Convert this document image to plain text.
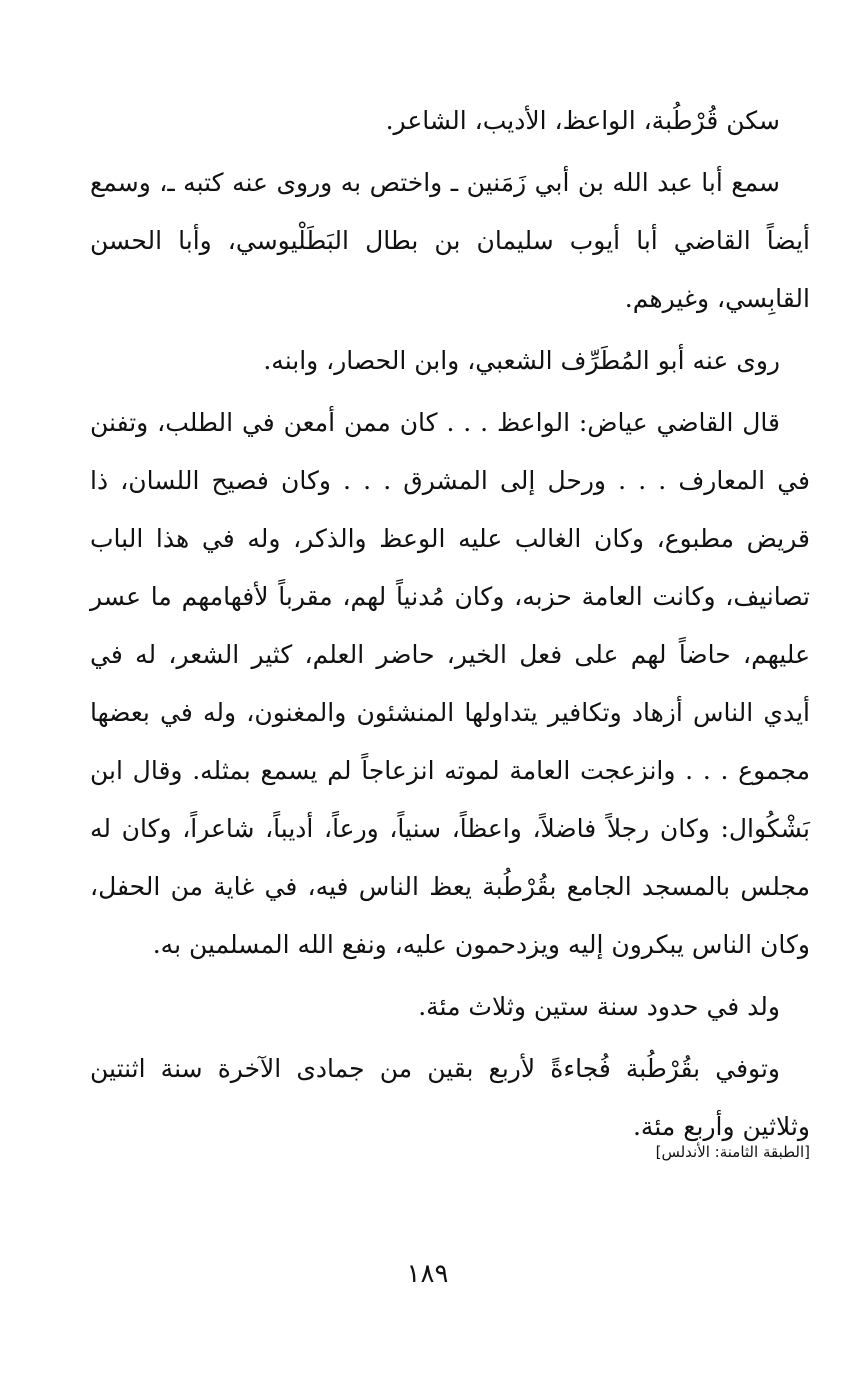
سكن قُرْطُبة، الواعظ، الأديب، الشاعر.

سمع أبا عبد الله بن أبي زَمَنين ـ واختص به وروى عنه كتبه ـ، وسمع أيضاً القاضي أبا أيوب سليمان بن بطال البَطَلْيوسي، وأبا الحسن القابِسي، وغيرهم.

روى عنه أبو المُطَرِّف الشعبي، وابن الحصار، وابنه.

قال القاضي عياض: الواعظ . . . كان ممن أمعن في الطلب، وتفنن في المعارف . . . ورحل إلى المشرق . . . وكان فصيح اللسان، ذا قريض مطبوع، وكان الغالب عليه الوعظ والذكر، وله في هذا الباب تصانيف، وكانت العامة حزبه، وكان مُدنياً لهم، مقرباً لأفهامهم ما عسر عليهم، حاضاً لهم على فعل الخير، حاضر العلم، كثير الشعر، له في أيدي الناس أزهاد وتكافير يتداولها المنشئون والمغنون، وله في بعضها مجموع . . . وانزعجت العامة لموته انزعاجاً لم يسمع بمثله. وقال ابن بَشْكُوال: وكان رجلاً فاضلاً، واعظاً، سنياً، ورعاً، أديباً، شاعراً، وكان له مجلس بالمسجد الجامع بقُرْطُبة يعظ الناس فيه، في غاية من الحفل، وكان الناس يبكرون إليه ويزدحمون عليه، ونفع الله المسلمين به.

ولد في حدود سنة ستين وثلاث مئة.

وتوفي بقُرْطُبة فُجاءةً لأربع بقين من جمادى الآخرة سنة اثنتين وثلاثين وأربع مئة.

[الطبقة الثامنة: الأندلس]
١٨٩
